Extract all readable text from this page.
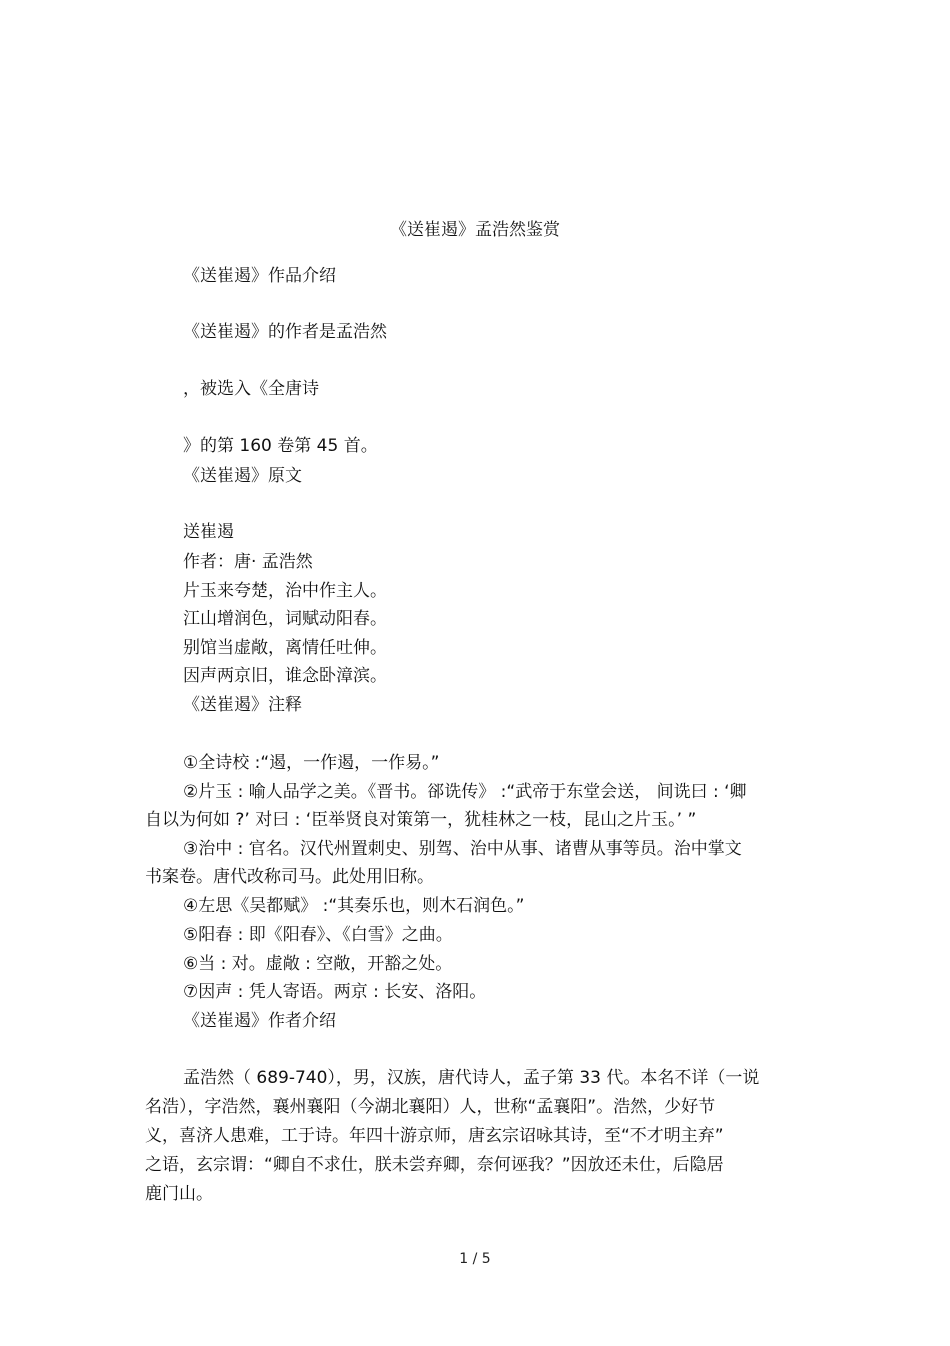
《送崔遏》孟浩然鉴赏
《送崔遏》作品介绍
《送崔遏》的作者是孟浩然
，被选入《全唐诗
》的第 160 卷第 45 首。
《送崔遏》原文
送崔遏
作者：唐· 孟浩然
片玉来夸楚，治中作主人。
江山增润色，词赋动阳春。
别馆当虚敞，离情任吐伸。
因声两京旧，谁念卧漳滨。
《送崔遏》注释
①全诗校 :“遏，一作遏，一作易。”
②片玉 : 喻人品学之美。《晋书。郤诜传》 :“武帝于东堂会送， 间诜曰 : ‘卿
自以为何如 ?’ 对曰 : ‘臣举贤良对策第一，犹桂林之一枝，昆山之片玉。’ ”
③治中 : 官名。汉代州置刺史、别驾、治中从事、诸曹从事等员。治中掌文
书案卷。唐代改称司马。此处用旧称。
④左思《吴都赋》 :“其奏乐也，则木石润色。”
⑤阳春 : 即《阳春》、《白雪》之曲。
⑥当 : 对。虚敞 : 空敞，开豁之处。
⑦因声 : 凭人寄语。两京 : 长安、洛阳。
《送崔遏》作者介绍
孟浩然（ 689-740），男，汉族，唐代诗人，孟子第 33 代。本名不详（一说
名浩），字浩然，襄州襄阳（今湖北襄阳）人，世称“孟襄阳”。浩然，少好节
义，喜济人患难，工于诗。年四十游京师，唐玄宗诏咏其诗，至“不才明主弃”
之语，玄宗谓：“卿自不求仕，朕未尝弃卿，奈何诬我？”因放还未仕，后隐居
鹿门山。
1 / 5
